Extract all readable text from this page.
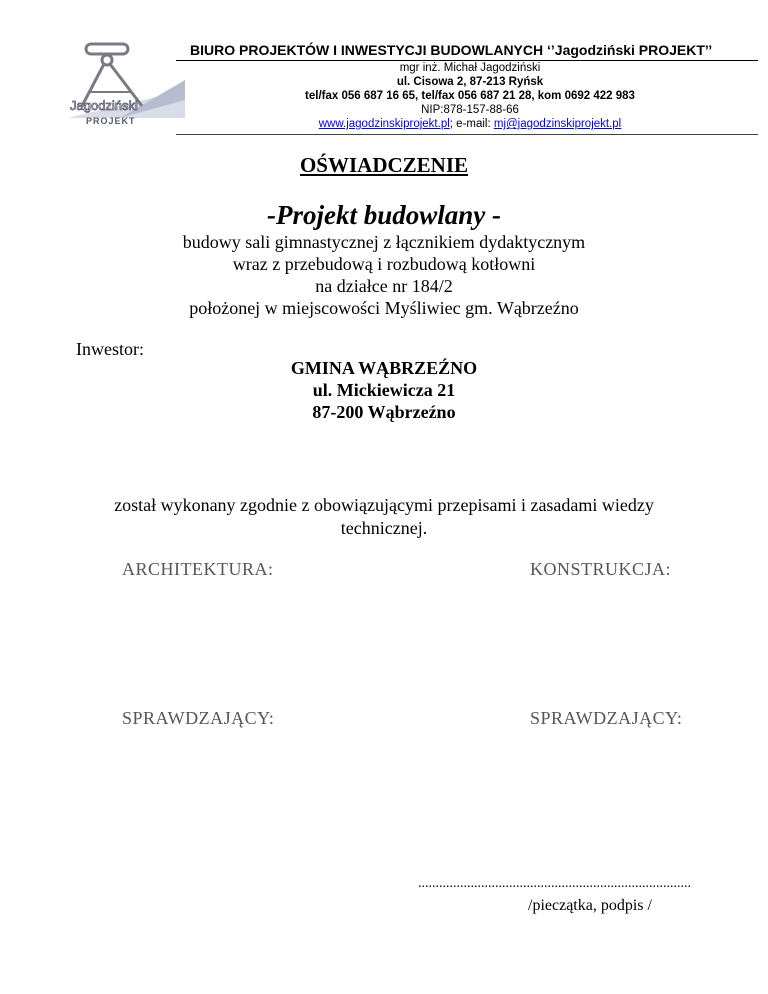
Jagodziński
PROJEKT
BIURO PROJEKTÓW I INWESTYCJI BUDOWLANYCH ‘’Jagodziński PROJEKT’’
mgr inż. Michał Jagodziński
ul. Cisowa 2, 87-213 Ryńsk
tel/fax 056 687 16 65, tel/fax 056 687 21 28, kom 0692 422 983
NIP:878-157-88-66
www.jagodzinskiprojekt.pl; e-mail: mj@jagodzinskiprojekt.pl
OŚWIADCZENIE
-Projekt budowlany -
budowy sali gimnastycznej z łącznikiem dydaktycznym
wraz z przebudową i rozbudową kotłowni
na działce nr 184/2
położonej w miejscowości Myśliwiec gm. Wąbrzeźno
Inwestor:
GMINA WĄBRZEŹNO
ul. Mickiewicza 21
87-200 Wąbrzeźno
został wykonany zgodnie z obowiązującymi przepisami i zasadami wiedzy
technicznej.
ARCHITEKTURA:	KONSTRUKCJA:
SPRAWDZAJĄCY:	SPRAWDZAJĄCY:
..............................................................................
/pieczątka, podpis /
